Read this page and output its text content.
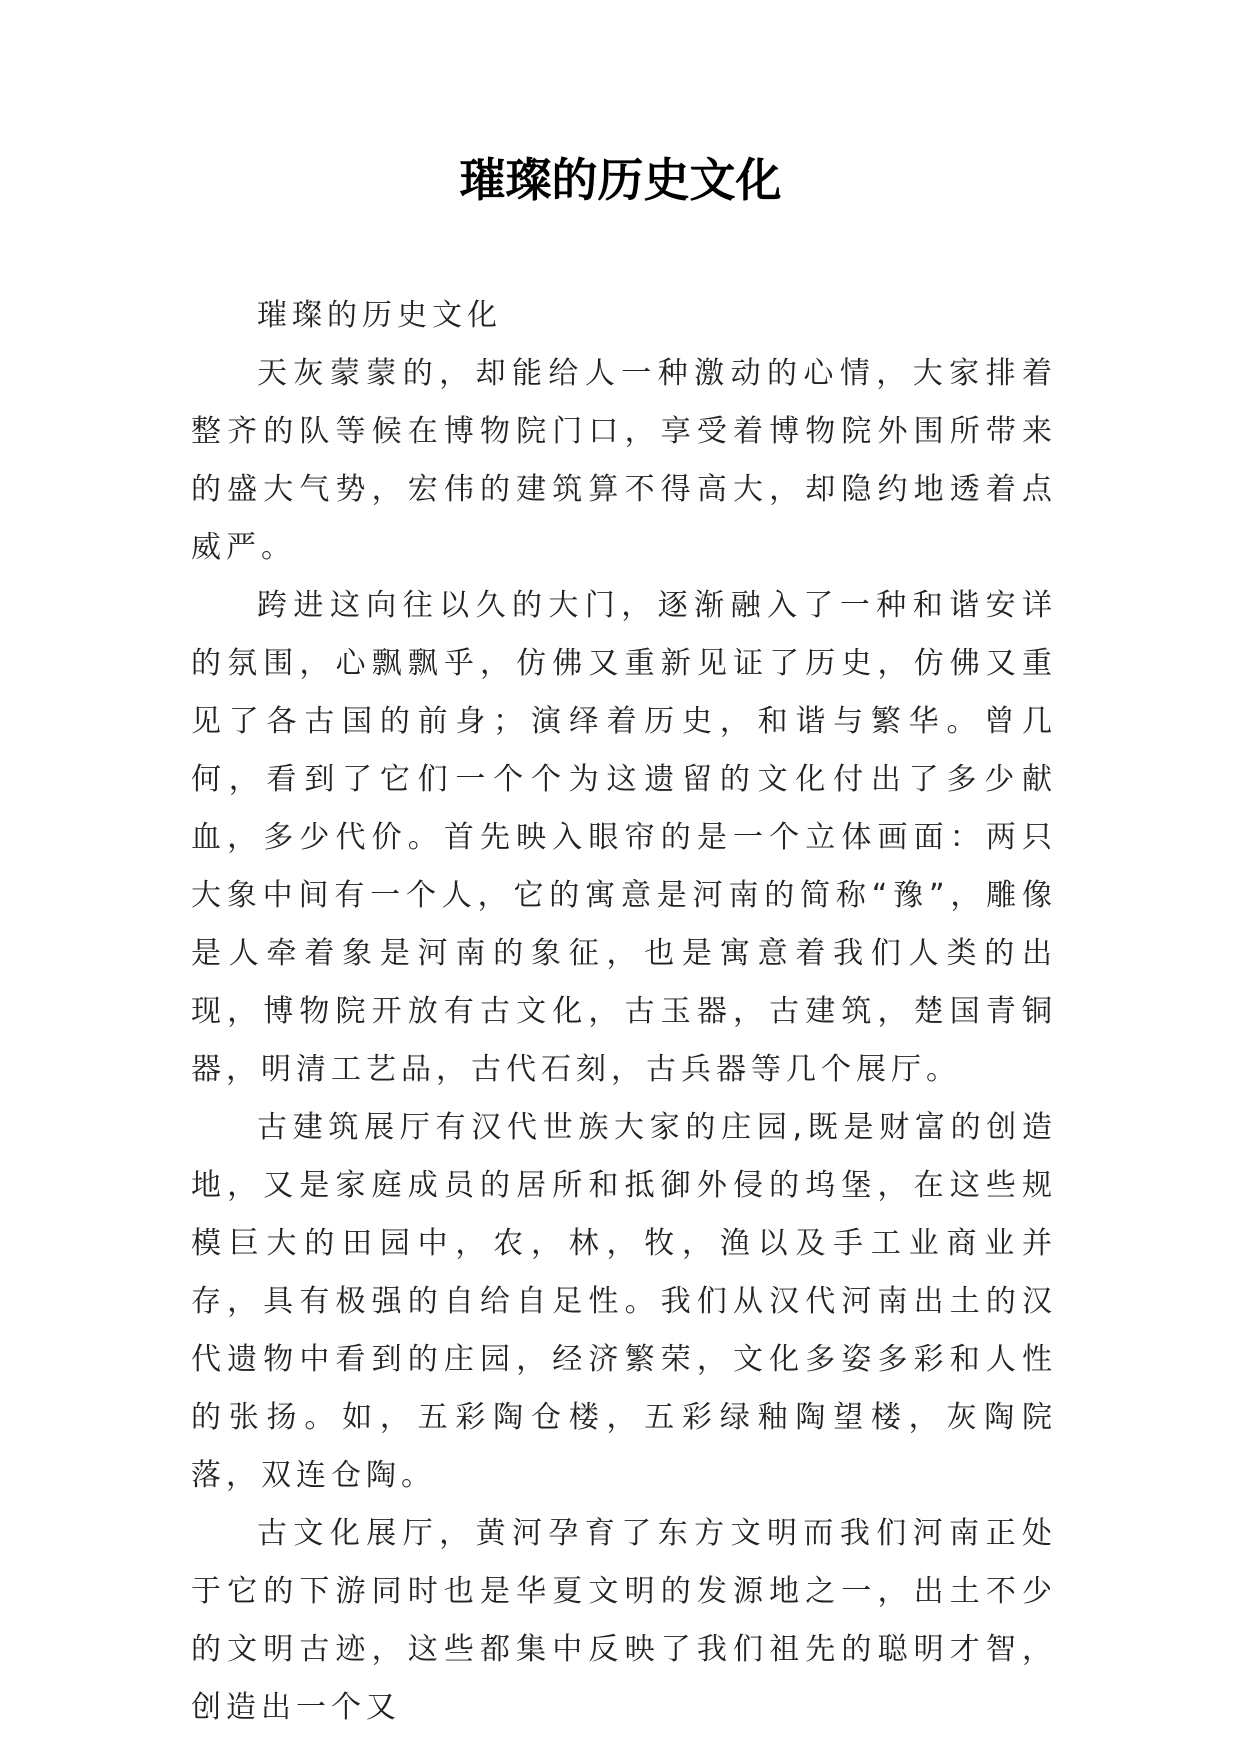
璀璨的历史文化

璀璨的历史文化

天灰蒙蒙的，却能给人一种激动的心情，大家排着整齐的队等候在博物院门口，享受着博物院外围所带来的盛大气势，宏伟的建筑算不得高大，却隐约地透着点威严。

跨进这向往以久的大门，逐渐融入了一种和谐安详的氛围，心飘飘乎，仿佛又重新见证了历史，仿佛又重见了各古国的前身；演绎着历史，和谐与繁华。曾几何，看到了它们一个个为这遗留的文化付出了多少献血，多少代价。首先映入眼帘的是一个立体画面：两只大象中间有一个人，它的寓意是河南的简称“豫”，雕像是人牵着象是河南的象征，也是寓意着我们人类的出现，博物院开放有古文化，古玉器，古建筑，楚国青铜器，明清工艺品，古代石刻，古兵器等几个展厅。

古建筑展厅有汉代世族大家的庄园,既是财富的创造地，又是家庭成员的居所和抵御外侵的坞堡，在这些规模巨大的田园中，农，林，牧，渔以及手工业商业并存，具有极强的自给自足性。我们从汉代河南出土的汉代遗物中看到的庄园，经济繁荣，文化多姿多彩和人性的张扬。如，五彩陶仓楼，五彩绿釉陶望楼，灰陶院落，双连仓陶。

古文化展厅，黄河孕育了东方文明而我们河南正处于它的下游同时也是华夏文明的发源地之一，出土不少的文明古迹，这些都集中反映了我们祖先的聪明才智，创造出一个又
